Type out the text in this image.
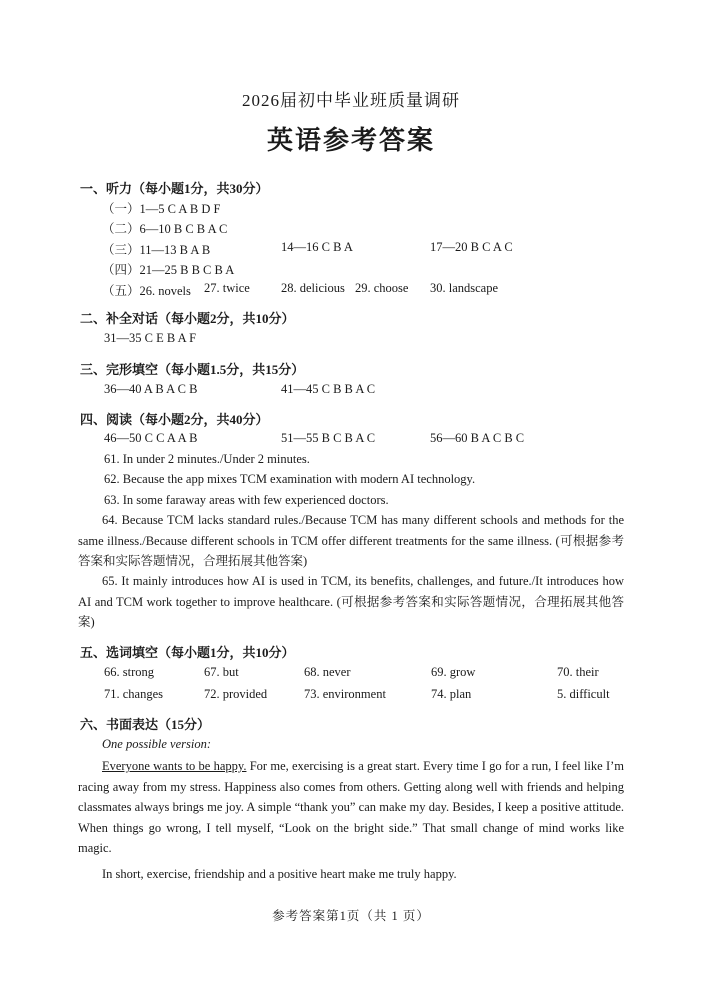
2026届初中毕业班质量调研
英语参考答案
一、听力（每小题1分，共30分）
（一）1—5 C A B D F
（二）6—10 B C B A C
（三）11—13 B A B	14—16 C B A	17—20 B C A C
（四）21—25 B B C B A
（五）26. novels 27. twice 28. delicious 29. choose 30. landscape
二、补全对话（每小题2分，共10分）
31—35 C E B A F
三、完形填空（每小题1.5分，共15分）
36—40 A B A C B	41—45 C B B A C
四、阅读（每小题2分，共40分）
46—50 C C A A B	51—55 B C B A C	56—60 B A C B C
61. In under 2 minutes./Under 2 minutes.
62. Because the app mixes TCM examination with modern AI technology.
63. In some faraway areas with few experienced doctors.
64. Because TCM lacks standard rules./Because TCM has many different schools and methods for the same illness./Because different schools in TCM offer different treatments for the same illness. (可根据参考答案和实际答题情况，合理拓展其他答案)
65. It mainly introduces how AI is used in TCM, its benefits, challenges, and future./It introduces how AI and TCM work together to improve healthcare. (可根据参考答案和实际答题情况，合理拓展其他答案)
五、选词填空（每小题1分，共10分）
66. strong	67. but	68. never	69. grow	70. their
71. changes	72. provided	73. environment	74. plan	5. difficult
六、书面表达（15分）
One possible version:
Everyone wants to be happy. For me, exercising is a great start. Every time I go for a run, I feel like I’m racing away from my stress. Happiness also comes from others. Getting along well with friends and helping classmates always brings me joy. A simple “thank you” can make my day. Besides, I keep a positive attitude. When things go wrong, I tell myself, “Look on the bright side.” That small change of mind works like magic.
In short, exercise, friendship and a positive heart make me truly happy.
参考答案第1页（共 1 页）
